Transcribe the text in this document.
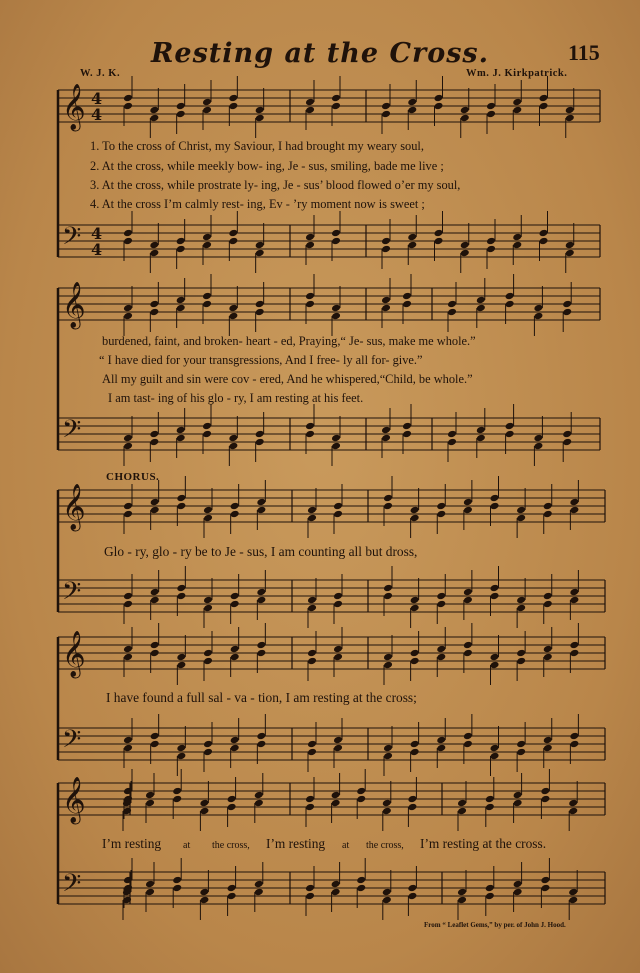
Resting at the Cross.	115
W. J. K.	Wm. J. Kirkpatrick.
𝄞
𝄢
4
4
4
4
𝄞
𝄢
𝄞
𝄢
𝄞
𝄢
𝄞
𝄢
1. To the cross of Christ, my Saviour, I had brought my weary soul,
2. At the cross, while meekly bow- ing, Je - sus, smiling, bade me live ;
3. At the cross, while prostrate ly- ing, Je - sus’ blood flowed o’er my soul,
4. At the cross I’m calmly rest- ing, Ev - ’ry moment now is sweet ;
burdened, faint, and broken- heart - ed, Praying,“ Je- sus, make me whole.”
“ I have died for your transgressions, And I free- ly all for- give.”
All my guilt and sin were cov - ered, And he whispered,“Child, be whole.”
I am tast- ing of his glo - ry, I am resting at his feet.
CHORUS.
Glo - ry, glo - ry be to Je - sus, I am counting all but dross,
I have found a full sal - va - tion, I am resting at the cross;
I’m resting at the cross, I’m resting at the cross, I’m resting at the cross.
From “ Leaflet Gems,” by per. of John J. Hood.
